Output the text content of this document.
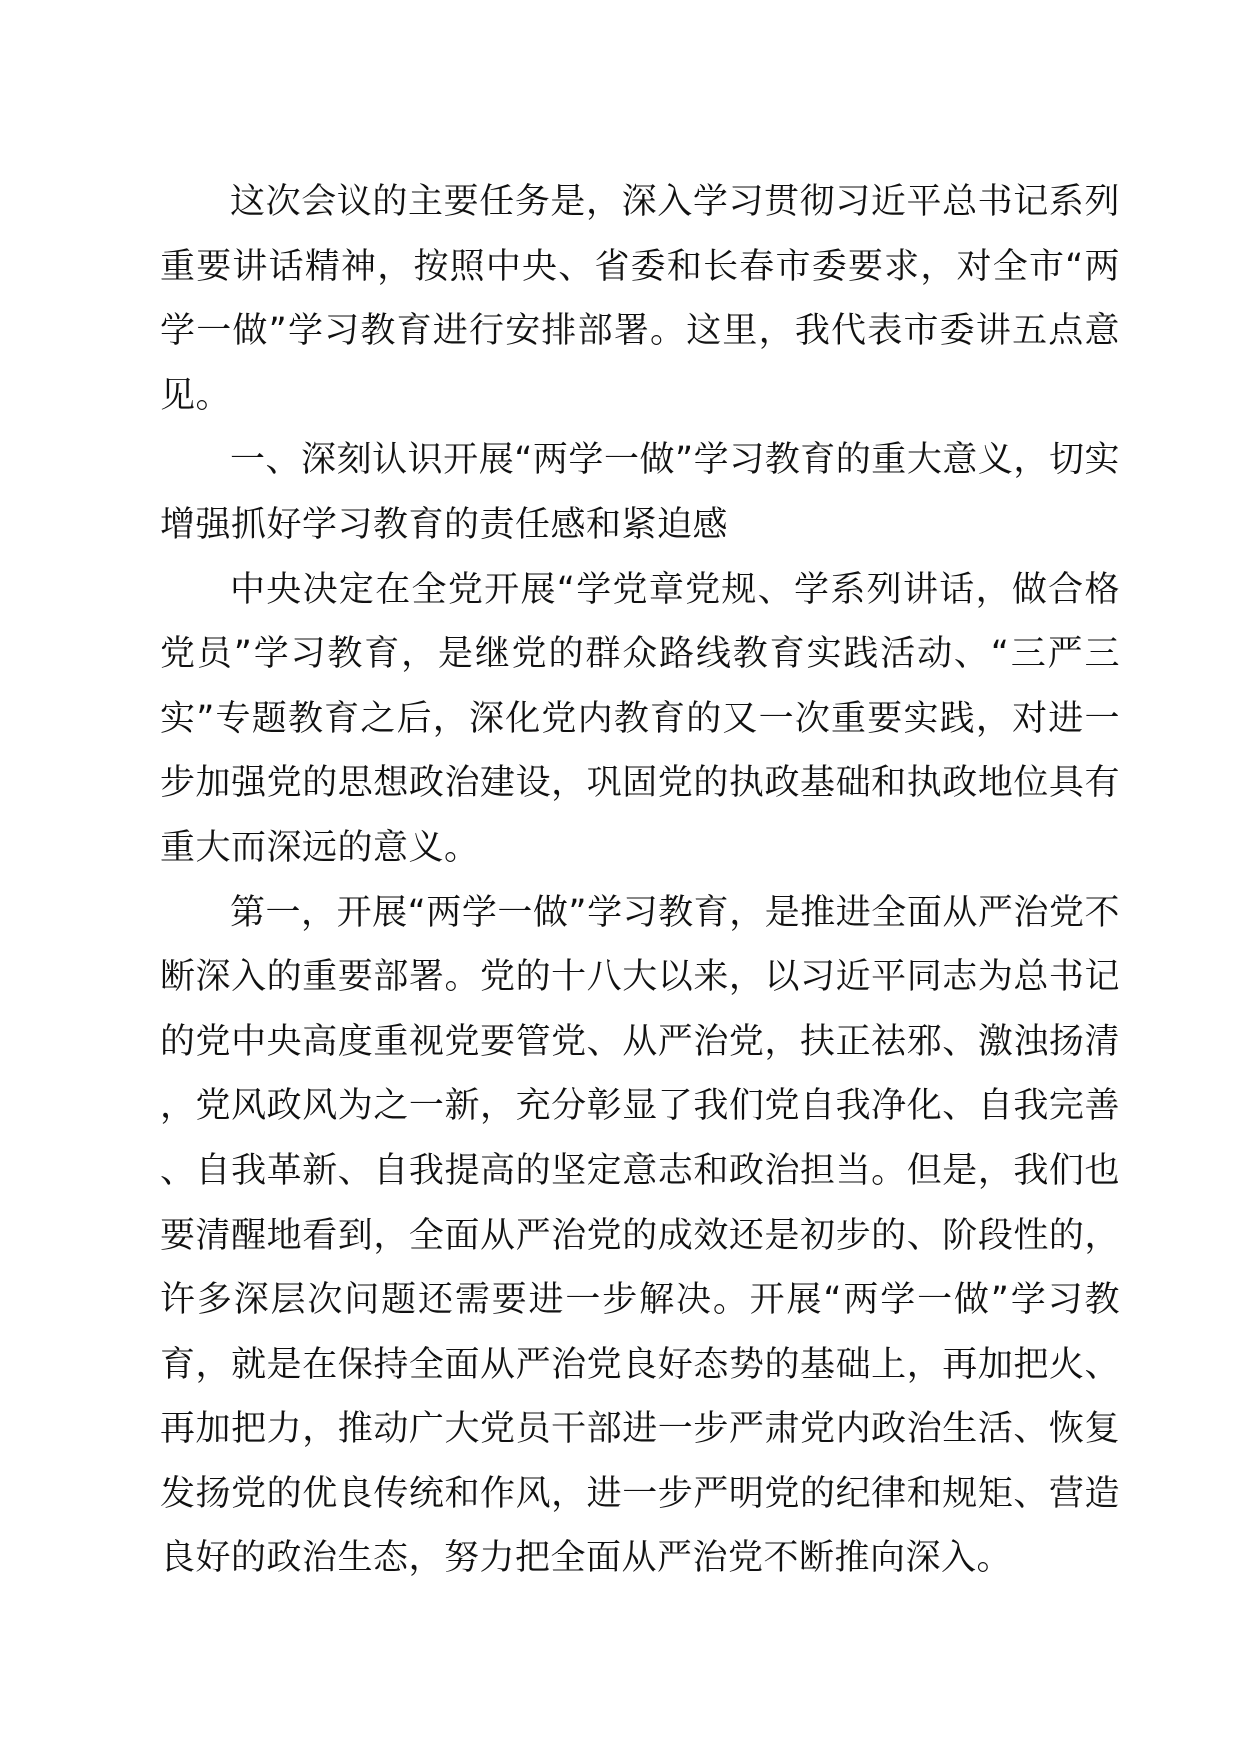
这次会议的主要任务是，深入学习贯彻习近平总书记系列重要讲话精神，按照中央、省委和长春市委要求，对全市“两学一做”学习教育进行安排部署。这里，我代表市委讲五点意见。

一、深刻认识开展“两学一做”学习教育的重大意义，切实增强抓好学习教育的责任感和紧迫感

中央决定在全党开展“学党章党规、学系列讲话，做合格党员”学习教育，是继党的群众路线教育实践活动、“三严三实”专题教育之后，深化党内教育的又一次重要实践，对进一步加强党的思想政治建设，巩固党的执政基础和执政地位具有重大而深远的意义。

第一，开展“两学一做”学习教育，是推进全面从严治党不断深入的重要部署。党的十八大以来，以习近平同志为总书记的党中央高度重视党要管党、从严治党，扶正祛邪、激浊扬清，党风政风为之一新，充分彰显了我们党自我净化、自我完善、自我革新、自我提高的坚定意志和政治担当。但是，我们也要清醒地看到，全面从严治党的成效还是初步的、阶段性的，许多深层次问题还需要进一步解决。开展“两学一做”学习教育，就是在保持全面从严治党良好态势的基础上，再加把火、再加把力，推动广大党员干部进一步严肃党内政治生活、恢复发扬党的优良传统和作风，进一步严明党的纪律和规矩、营造良好的政治生态，努力把全面从严治党不断推向深入。
